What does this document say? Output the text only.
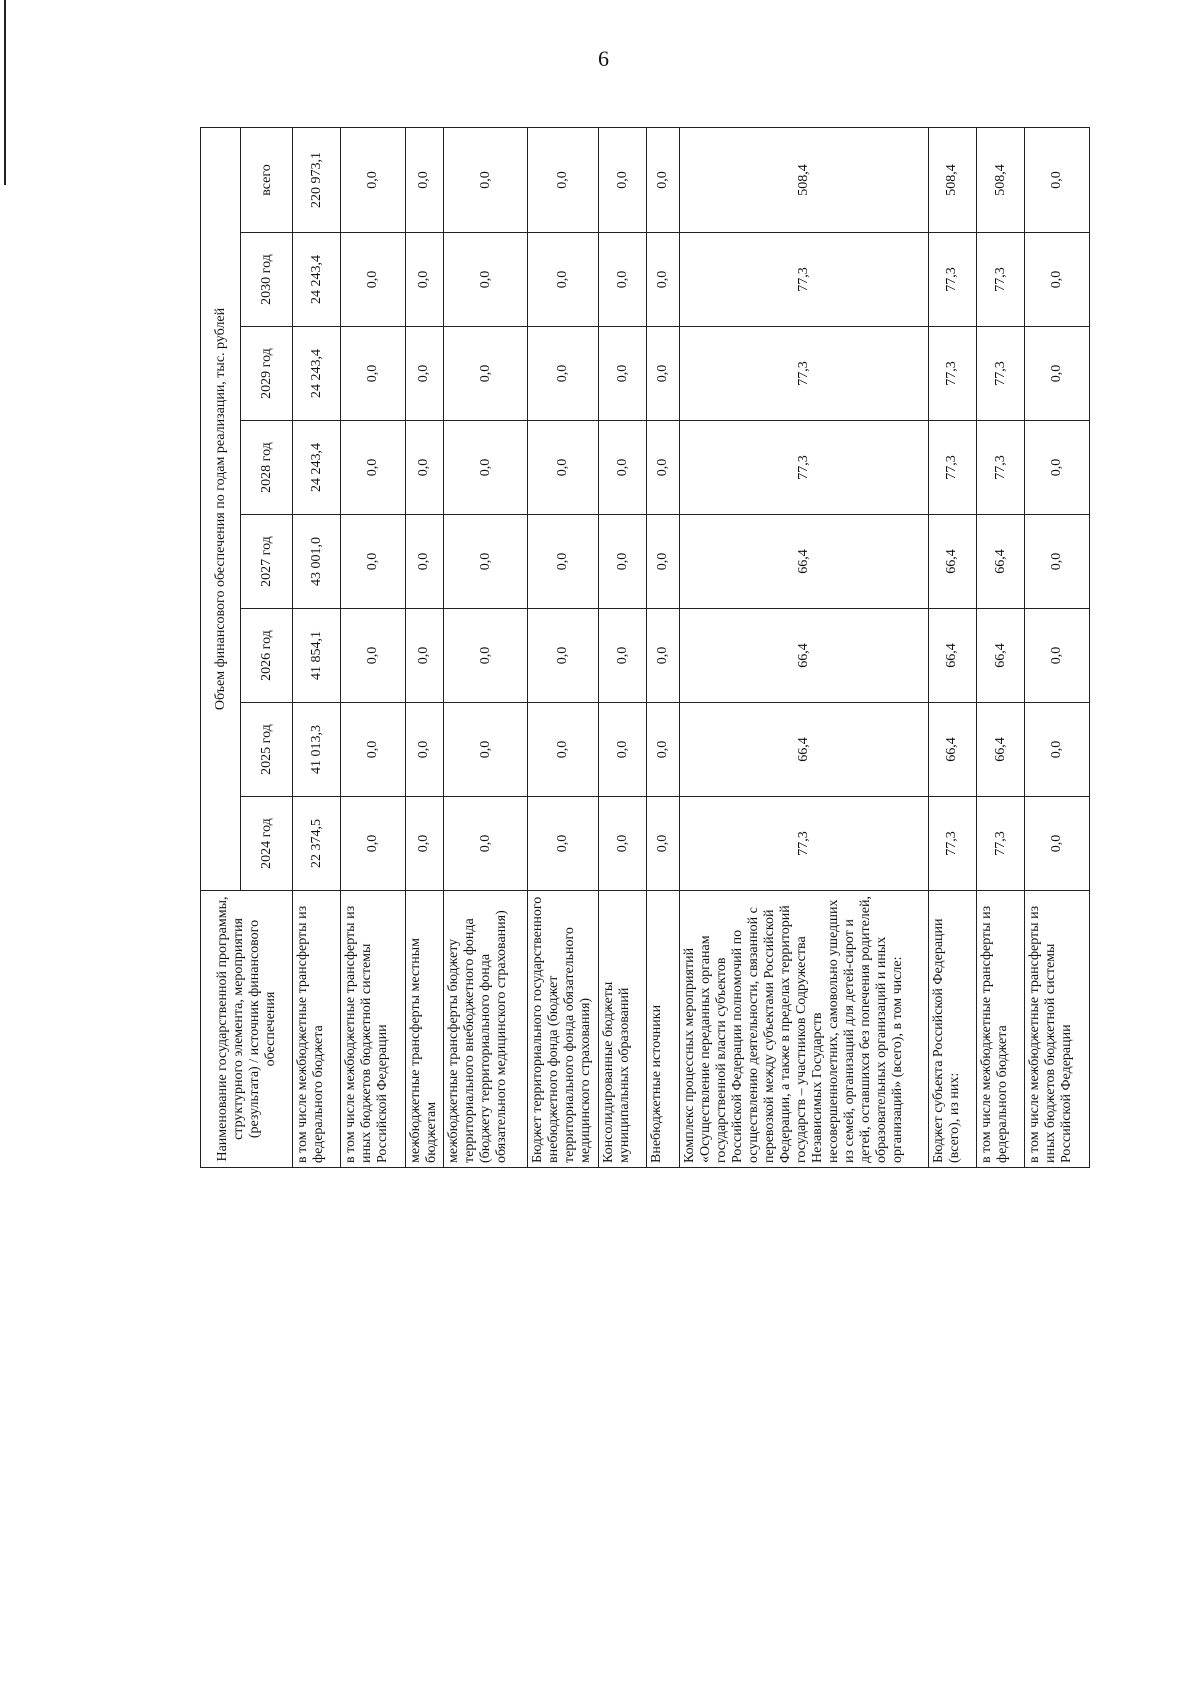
6
Наименование государственной программы, структурного элемента, мероприятия (результата) / источник финансового обеспечения	Объем финансового обеспечения по годам реализации, тыс. рублей							
	2024 год	2025 год	2026 год	2027 год	2028 год	2029 год	2030 год	всего
в том числе межбюджетные трансферты из федерального бюджета	22 374,5	41 013,3	41 854,1	43 001,0	24 243,4	24 243,4	24 243,4	220 973,1
в том числе межбюджетные трансферты из иных бюджетов бюджетной системы Российской Федерации	0,0	0,0	0,0	0,0	0,0	0,0	0,0	0,0
межбюджетные трансферты местным бюджетам	0,0	0,0	0,0	0,0	0,0	0,0	0,0	0,0
межбюджетные трансферты бюджету территориального внебюджетного фонда (бюджету территориального фонда обязательного медицинского страхования)	0,0	0,0	0,0	0,0	0,0	0,0	0,0	0,0
Бюджет территориального государственного внебюджетного фонда (бюджет территориального фонда обязательного медицинского страхования)	0,0	0,0	0,0	0,0	0,0	0,0	0,0	0,0
Консолидированные бюджеты муниципальных образований	0,0	0,0	0,0	0,0	0,0	0,0	0,0	0,0
Внебюджетные источники	0,0	0,0	0,0	0,0	0,0	0,0	0,0	0,0
Комплекс процессных мероприятий «Осуществление переданных органам государственной власти субъектов Российской Федерации полномочий по осуществлению деятельности, связанной с перевозкой между субъектами Российской Федерации, а также в пределах территорий государств – участников Содружества Независимых Государств несовершеннолетних, самовольно ушедших из семей, организаций для детей-сирот и детей, оставшихся без попечения родителей, образовательных организаций и иных организаций» (всего), в том числе:	77,3	66,4	66,4	66,4	77,3	77,3	77,3	508,4
Бюджет субъекта Российской Федерации (всего), из них:	77,3	66,4	66,4	66,4	77,3	77,3	77,3	508,4
в том числе межбюджетные трансферты из федерального бюджета	77,3	66,4	66,4	66,4	77,3	77,3	77,3	508,4
в том числе межбюджетные трансферты из иных бюджетов бюджетной системы Российской Федерации	0,0	0,0	0,0	0,0	0,0	0,0	0,0	0,0
